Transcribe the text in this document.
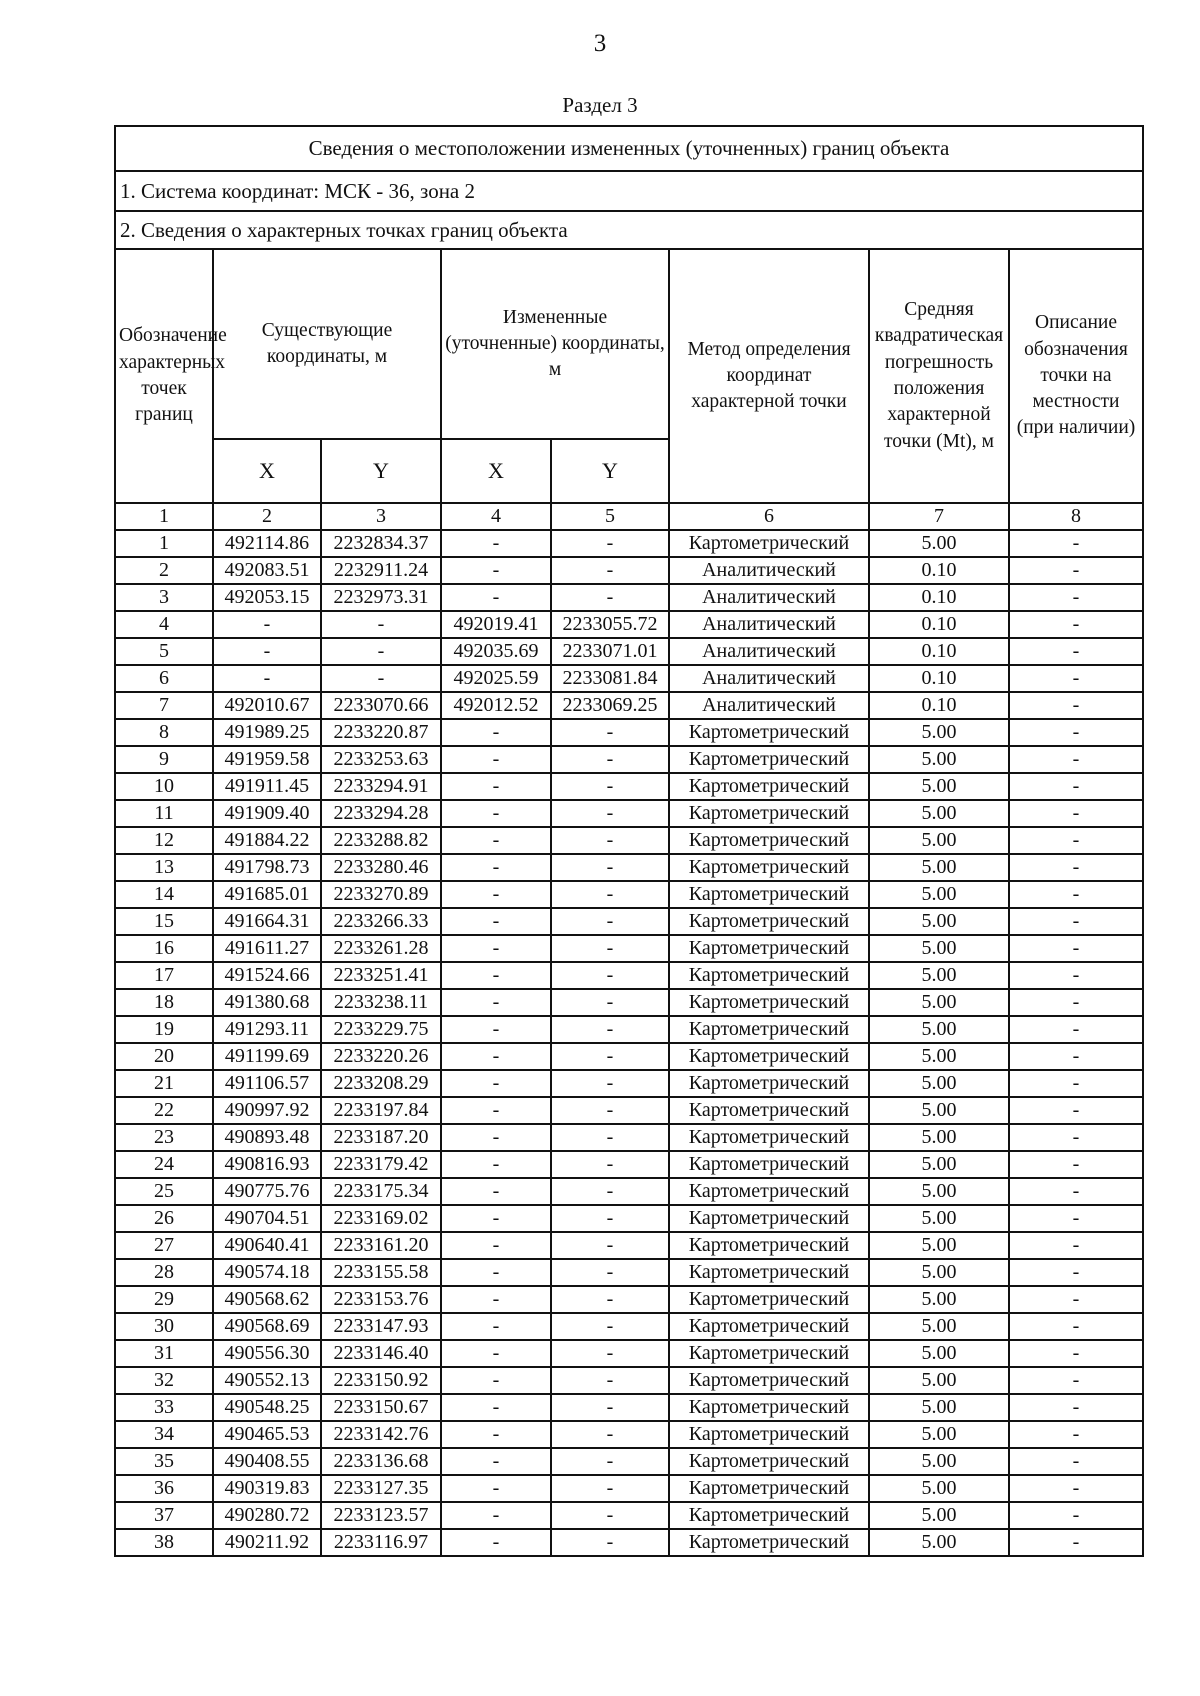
3
Раздел 3
Сведения о местоположении измененных (уточненных) границ объекта							
1. Система координат: МСК - 36, зона 2							
2. Сведения о характерных точках границ объекта							
Обозначение характерных точек границ	Существующие координаты, м		Измененные (уточненные) координаты, м		Метод определения координат характерной точки	Средняя квадратическая погрешность положения характерной точки (Mt), м	Описание обозначения точки на местности (при наличии)
	X	Y	X	Y			
1	2	3	4	5	6	7	8
1	492114.86	2232834.37	-	-	Картометрический	5.00	-
2	492083.51	2232911.24	-	-	Аналитический	0.10	-
3	492053.15	2232973.31	-	-	Аналитический	0.10	-
4	-	-	492019.41	2233055.72	Аналитический	0.10	-
5	-	-	492035.69	2233071.01	Аналитический	0.10	-
6	-	-	492025.59	2233081.84	Аналитический	0.10	-
7	492010.67	2233070.66	492012.52	2233069.25	Аналитический	0.10	-
8	491989.25	2233220.87	-	-	Картометрический	5.00	-
9	491959.58	2233253.63	-	-	Картометрический	5.00	-
10	491911.45	2233294.91	-	-	Картометрический	5.00	-
11	491909.40	2233294.28	-	-	Картометрический	5.00	-
12	491884.22	2233288.82	-	-	Картометрический	5.00	-
13	491798.73	2233280.46	-	-	Картометрический	5.00	-
14	491685.01	2233270.89	-	-	Картометрический	5.00	-
15	491664.31	2233266.33	-	-	Картометрический	5.00	-
16	491611.27	2233261.28	-	-	Картометрический	5.00	-
17	491524.66	2233251.41	-	-	Картометрический	5.00	-
18	491380.68	2233238.11	-	-	Картометрический	5.00	-
19	491293.11	2233229.75	-	-	Картометрический	5.00	-
20	491199.69	2233220.26	-	-	Картометрический	5.00	-
21	491106.57	2233208.29	-	-	Картометрический	5.00	-
22	490997.92	2233197.84	-	-	Картометрический	5.00	-
23	490893.48	2233187.20	-	-	Картометрический	5.00	-
24	490816.93	2233179.42	-	-	Картометрический	5.00	-
25	490775.76	2233175.34	-	-	Картометрический	5.00	-
26	490704.51	2233169.02	-	-	Картометрический	5.00	-
27	490640.41	2233161.20	-	-	Картометрический	5.00	-
28	490574.18	2233155.58	-	-	Картометрический	5.00	-
29	490568.62	2233153.76	-	-	Картометрический	5.00	-
30	490568.69	2233147.93	-	-	Картометрический	5.00	-
31	490556.30	2233146.40	-	-	Картометрический	5.00	-
32	490552.13	2233150.92	-	-	Картометрический	5.00	-
33	490548.25	2233150.67	-	-	Картометрический	5.00	-
34	490465.53	2233142.76	-	-	Картометрический	5.00	-
35	490408.55	2233136.68	-	-	Картометрический	5.00	-
36	490319.83	2233127.35	-	-	Картометрический	5.00	-
37	490280.72	2233123.57	-	-	Картометрический	5.00	-
38	490211.92	2233116.97	-	-	Картометрический	5.00	-
